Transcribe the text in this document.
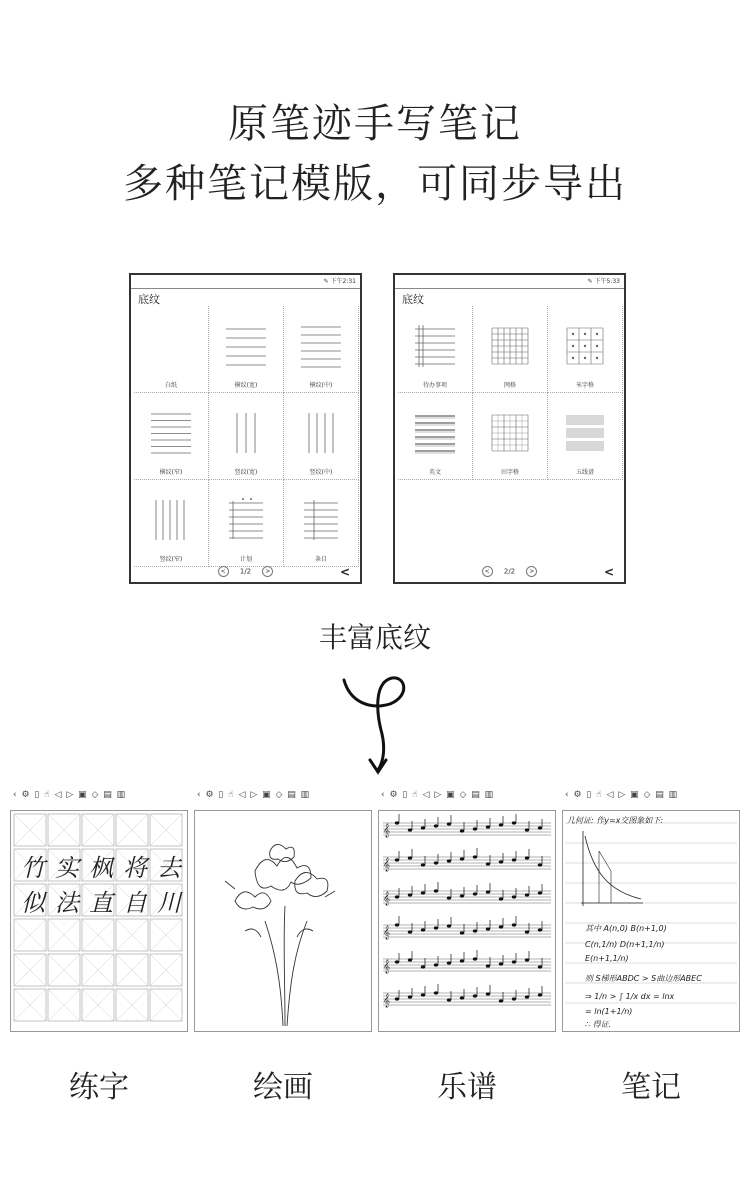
原笔迹手写笔记
多种笔记模版，可同步导出
✎ 下午2:31
底纹
白纸	横纹(宽)	横纹(中)
横纹(窄)	竖纹(宽)	竖纹(中)
竖纹(窄)	计划	条目
< 1/2 >	<
✎ 下午5:33
底纹
待办事项	网格	米字格
英文	田字格	五线谱
< 2/2 >	<
丰富底纹
‹ ⚙ ▯ ☝ ◁ ▷ ▣ ◇ ▤ ▥
竹 实 枫 将 去
似 法 直 自 川
‹ ⚙ ▯ ☝ ◁ ▷ ▣ ◇ ▤ ▥	‹ ⚙ ▯ ☝ ◁ ▷ ▣ ◇ ▤ ▥
𝄞
𝄞
𝄞
𝄞
𝄞
𝄞
‹ ⚙ ▯ ☝ ◁ ▷ ▣ ◇ ▤ ▥
几何证: 作y=x交图象如下:
其中 A(n,0) B(n+1,0)
C(n,1/n) D(n+1,1/n)
E(n+1,1/n)
则 S梯形ABDC > S曲边形ABEC
⇒ 1/n > ∫ 1/x dx = lnx
= ln(1+1/n)
∴ 得证.
练字	绘画	乐谱	笔记
